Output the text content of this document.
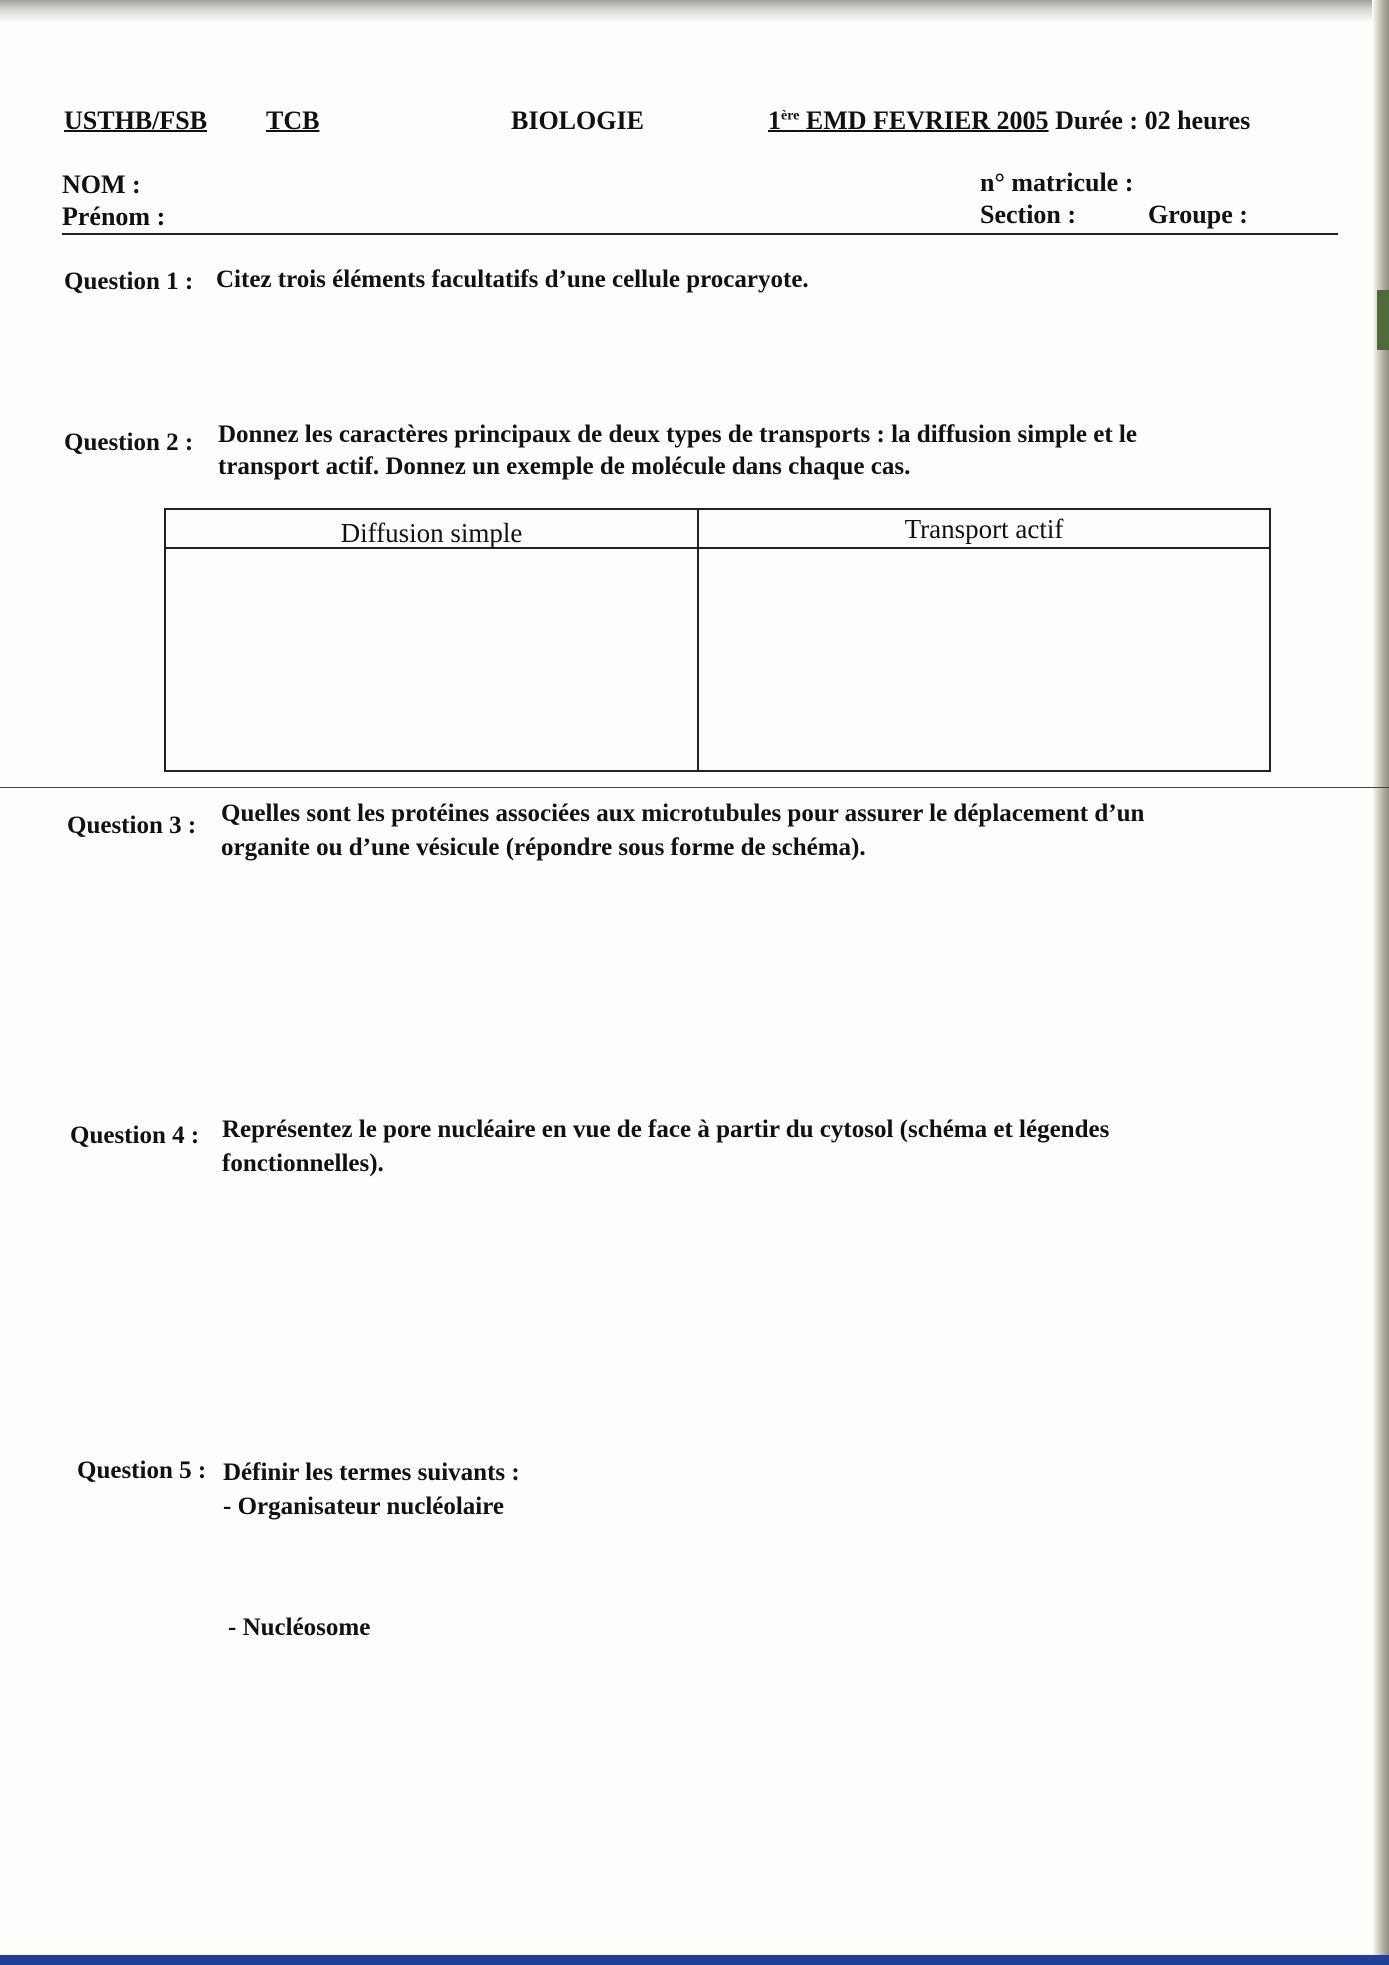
USTHB/FSB TCB	BIOLOGIE	1ère EMD FEVRIER 2005 Durée : 02 heures
NOM :
Prénom :
n° matricule :
Section :	Groupe :
Question 1 : Citez trois éléments facultatifs d’une cellule procaryote.
Question 2 : Donnez les caractères principaux de deux types de transports : la diffusion simple et le
transport actif. Donnez un exemple de molécule dans chaque cas.
Diffusion simple	Transport actif
Question 3 : Quelles sont les protéines associées aux microtubules pour assurer le déplacement d’un
organite ou d’une vésicule (répondre sous forme de schéma).
Question 4 : Représentez le pore nucléaire en vue de face à partir du cytosol (schéma et légendes
fonctionnelles).
Question 5 : Définir les termes suivants :
- Organisateur nucléolaire
- Nucléosome
